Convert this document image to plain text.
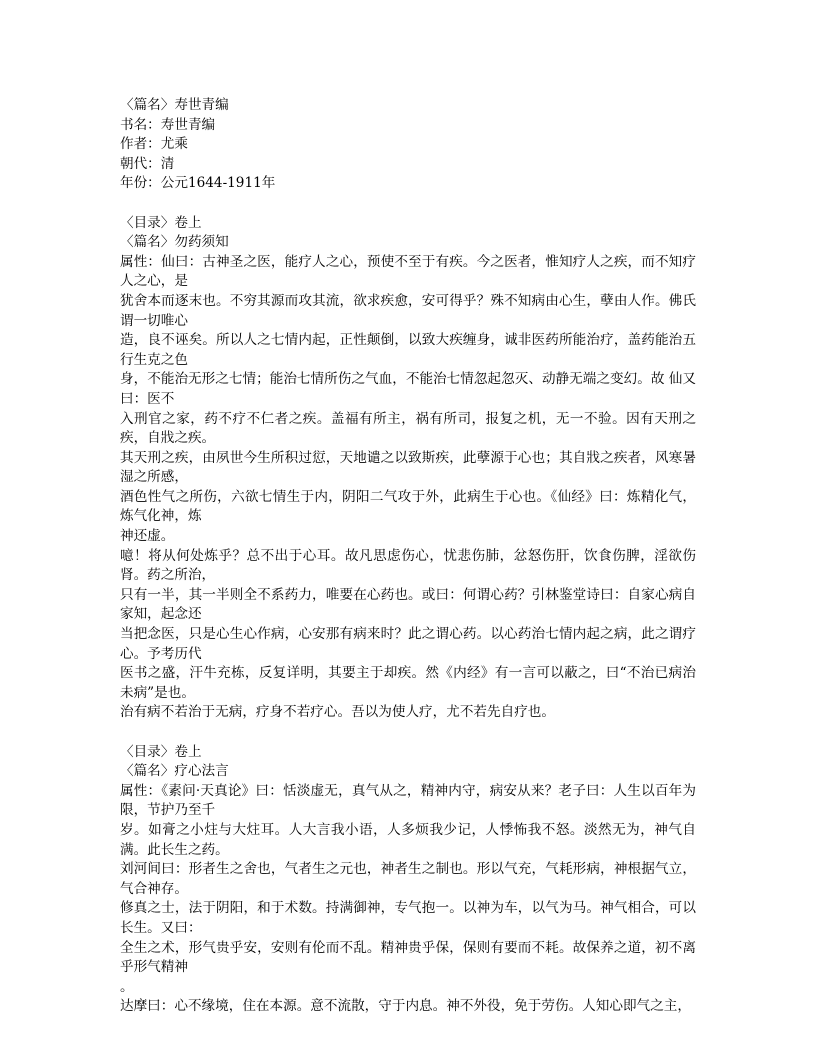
〈篇名〉寿世青编
书名：寿世青编
作者：尤乘
朝代：清
年份：公元1644-1911年
〈目录〉卷上
〈篇名〉勿药须知
属性：仙曰：古神圣之医，能疗人之心，预使不至于有疾。今之医者，惟知疗人之疾，而不知疗人之心，是
犹舍本而逐末也。不穷其源而攻其流，欲求疾愈，安可得乎？殊不知病由心生，孽由人作。佛氏谓一切唯心
造，良不诬矣。所以人之七情内起，正性颠倒，以致大疾缠身，诚非医药所能治疗，盖药能治五行生克之色
身，不能治无形之七情；能治七情所伤之气血，不能治七情忽起忽灭、动静无端之变幻。故 仙又曰：医不
入刑官之家，药不疗不仁者之疾。盖福有所主，祸有所司，报复之机，无一不验。因有天刑之疾，自戕之疾。
其天刑之疾，由夙世今生所积过愆，天地谴之以致斯疾，此孽源于心也；其自戕之疾者，风寒暑湿之所感，
酒色性气之所伤，六欲七情生于内，阴阳二气攻于外，此病生于心也。《仙经》曰：炼精化气，炼气化神，炼
神还虚。
噫！将从何处炼乎？总不出于心耳。故凡思虑伤心，忧悲伤肺，忿怒伤肝，饮食伤脾，淫欲伤肾。药之所治，
只有一半，其一半则全不系药力，唯要在心药也。或曰：何谓心药？引林鉴堂诗曰：自家心病自家知，起念还
当把念医，只是心生心作病，心安那有病来时？此之谓心药。以心药治七情内起之病，此之谓疗心。予考历代
医书之盛，汗牛充栋，反复详明，其要主于却疾。然《内经》有一言可以蔽之，曰“不治已病治未病”是也。
治有病不若治于无病，疗身不若疗心。吾以为使人疗，尤不若先自疗也。
〈目录〉卷上
〈篇名〉疗心法言
属性：《素问·天真论》曰：恬淡虚无，真气从之，精神内守，病安从来？老子曰：人生以百年为限，节护乃至千
岁。如膏之小炷与大炷耳。人大言我小语，人多烦我少记，人悸怖我不怒。淡然无为，神气自满。此长生之药。
刘河间曰：形者生之舍也，气者生之元也，神者生之制也。形以气充，气耗形病，神根据气立，气合神存。
修真之士，法于阴阳，和于术数。持满御神，专气抱一。以神为车，以气为马。神气相合，可以长生。又曰：
全生之术，形气贵乎安，安则有伦而不乱。精神贵乎保，保则有要而不耗。故保养之道，初不离乎形气精神
。
达摩曰：心不缘境，住在本源。意不流散，守于内息。神不外役，免于劳伤。人知心即气之主，
